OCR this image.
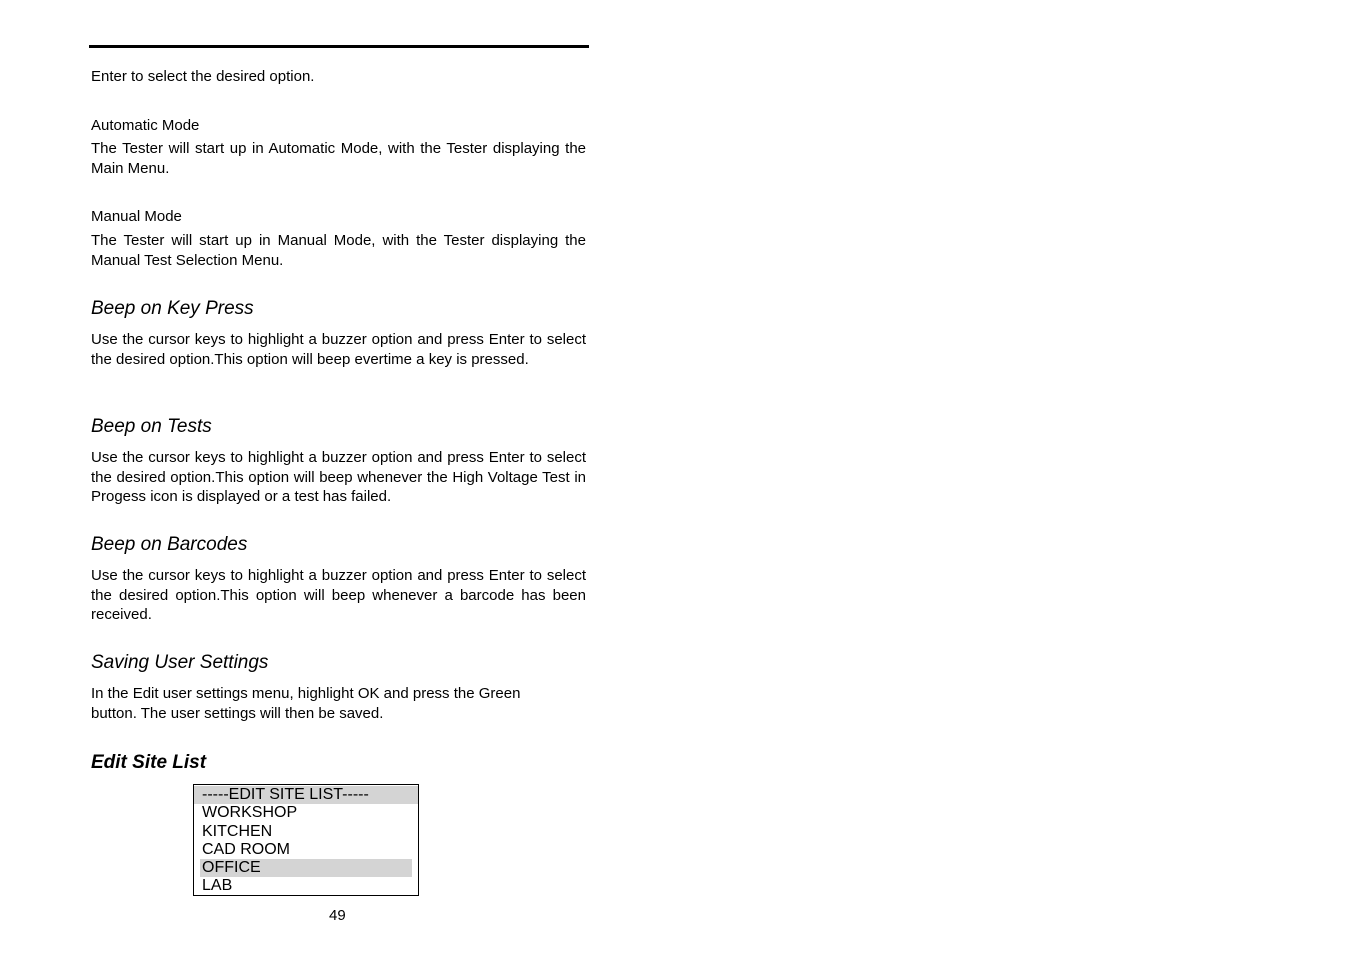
Enter to select the desired option.

Automatic Mode

The Tester will start up in Automatic Mode, with the Tester displaying the Main Menu.

Manual Mode

The Tester will start up in Manual Mode, with the Tester displaying the Manual Test Selection Menu.

Beep on Key Press

Use the cursor keys to highlight a buzzer option and press Enter to select the desired option.This option will beep evertime a key is pressed.

Beep on Tests

Use the cursor keys to highlight a buzzer option and press Enter to select the desired option.This option will beep whenever the High Voltage Test in Progess icon is displayed or a test has failed.

Beep on Barcodes

Use the cursor keys to highlight a buzzer option and press Enter to select the desired option.This option will beep whenever a barcode has been received.

Saving User Settings

In the Edit user settings menu, highlight OK and press the Green
button. The user settings will then be saved.

Edit Site List
-----EDIT SITE LIST-----
WORKSHOP
KITCHEN
CAD ROOM
OFFICE
LAB
49
